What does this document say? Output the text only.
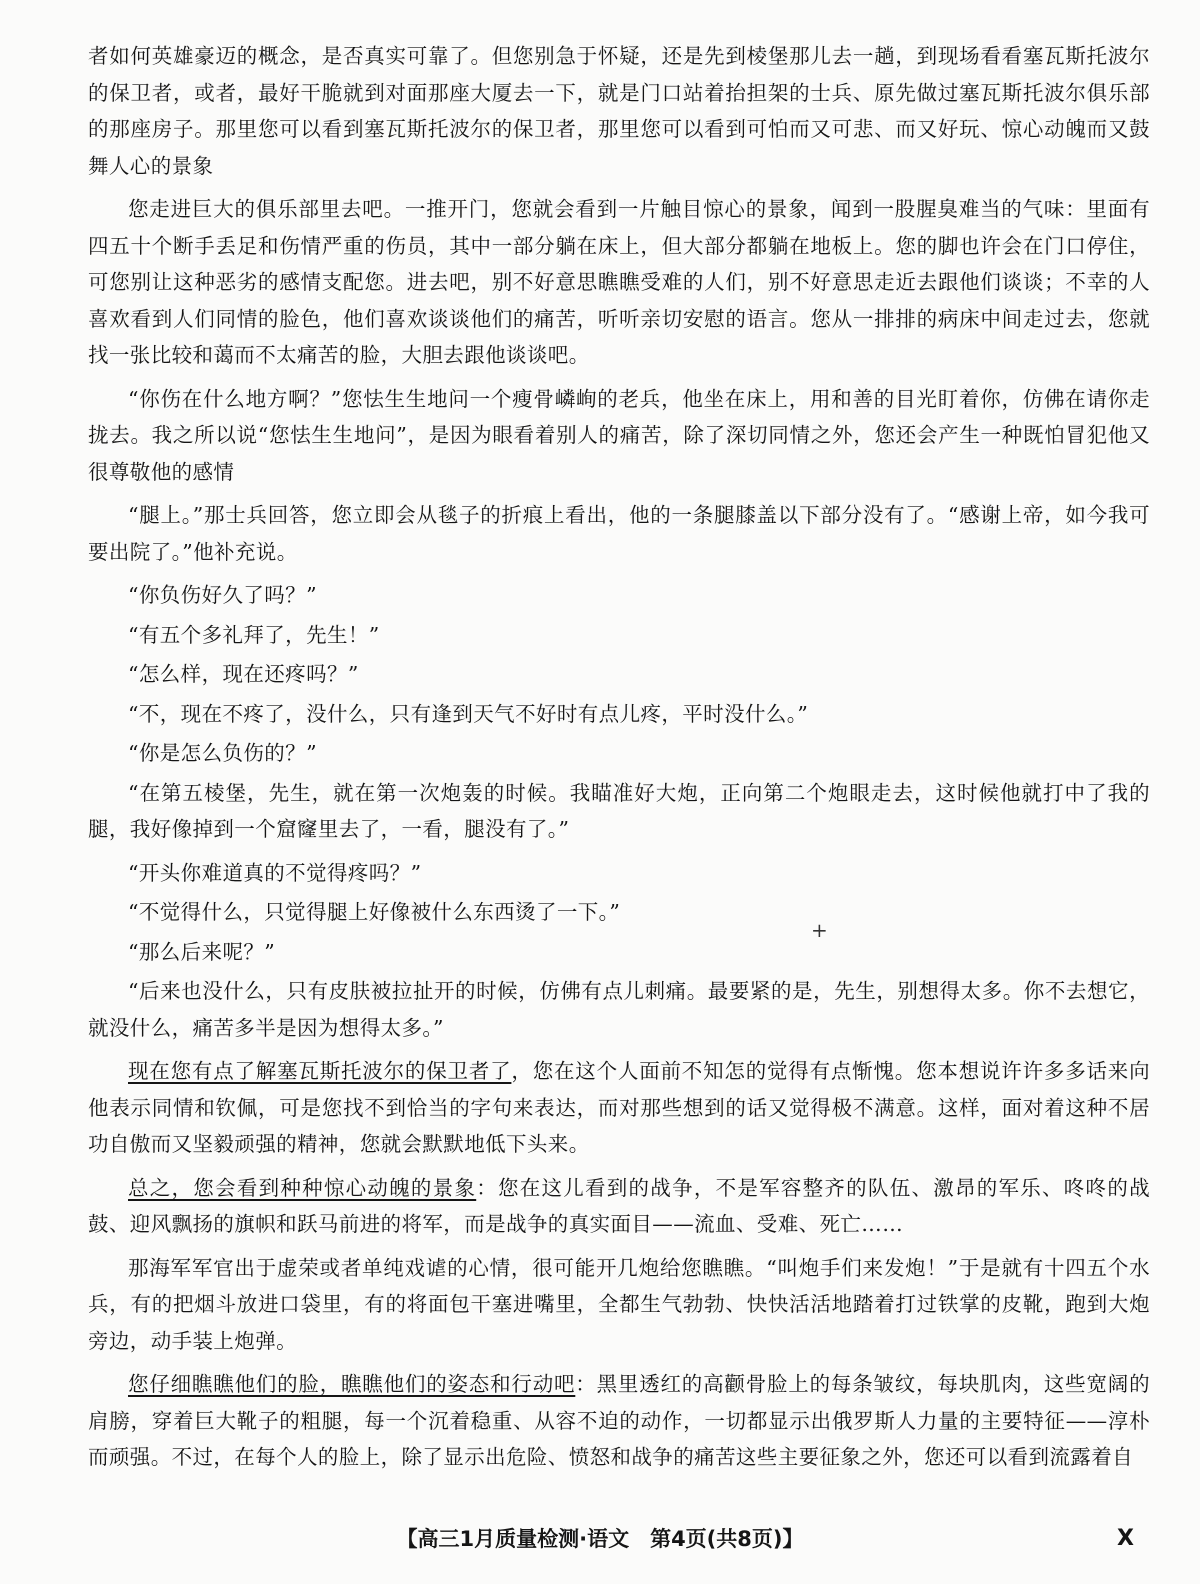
者如何英雄豪迈的概念，是否真实可靠了。但您别急于怀疑，还是先到棱堡那儿去一趟，到现场看看塞瓦斯托波尔的保卫者，或者，最好干脆就到对面那座大厦去一下，就是门口站着抬担架的士兵、原先做过塞瓦斯托波尔俱乐部的那座房子。那里您可以看到塞瓦斯托波尔的保卫者，那里您可以看到可怕而又可悲、而又好玩、惊心动魄而又鼓舞人心的景象

您走进巨大的俱乐部里去吧。一推开门，您就会看到一片触目惊心的景象，闻到一股腥臭难当的气味：里面有四五十个断手丢足和伤情严重的伤员，其中一部分躺在床上，但大部分都躺在地板上。您的脚也许会在门口停住，可您别让这种恶劣的感情支配您。进去吧，别不好意思瞧瞧受难的人们，别不好意思走近去跟他们谈谈；不幸的人喜欢看到人们同情的脸色，他们喜欢谈谈他们的痛苦，听听亲切安慰的语言。您从一排排的病床中间走过去，您就找一张比较和蔼而不太痛苦的脸，大胆去跟他谈谈吧。

“你伤在什么地方啊？”您怯生生地问一个瘦骨嶙峋的老兵，他坐在床上，用和善的目光盯着你，仿佛在请你走拢去。我之所以说“您怯生生地问”，是因为眼看着别人的痛苦，除了深切同情之外，您还会产生一种既怕冒犯他又很尊敬他的感情

“腿上。”那士兵回答，您立即会从毯子的折痕上看出，他的一条腿膝盖以下部分没有了。“感谢上帝，如今我可要出院了。”他补充说。

“你负伤好久了吗？”

“有五个多礼拜了，先生！”

“怎么样，现在还疼吗？”

“不，现在不疼了，没什么，只有逢到天气不好时有点儿疼，平时没什么。”

“你是怎么负伤的？”

“在第五棱堡，先生，就在第一次炮轰的时候。我瞄准好大炮，正向第二个炮眼走去，这时候他就打中了我的腿，我好像掉到一个窟窿里去了，一看，腿没有了。”

“开头你难道真的不觉得疼吗？”

“不觉得什么，只觉得腿上好像被什么东西烫了一下。”

“那么后来呢？”

“后来也没什么，只有皮肤被拉扯开的时候，仿佛有点儿刺痛。最要紧的是，先生，别想得太多。你不去想它，就没什么，痛苦多半是因为想得太多。”

现在您有点了解塞瓦斯托波尔的保卫者了，您在这个人面前不知怎的觉得有点惭愧。您本想说许许多多话来向他表示同情和钦佩，可是您找不到恰当的字句来表达，而对那些想到的话又觉得极不满意。这样，面对着这种不居功自傲而又坚毅顽强的精神，您就会默默地低下头来。

总之，您会看到种种惊心动魄的景象：您在这儿看到的战争，不是军容整齐的队伍、激昂的军乐、咚咚的战鼓、迎风飘扬的旗帜和跃马前进的将军，而是战争的真实面目——流血、受难、死亡……

那海军军官出于虚荣或者单纯戏谑的心情，很可能开几炮给您瞧瞧。“叫炮手们来发炮！”于是就有十四五个水兵，有的把烟斗放进口袋里，有的将面包干塞进嘴里，全都生气勃勃、快快活活地踏着打过铁掌的皮靴，跑到大炮旁边，动手装上炮弹。

您仔细瞧瞧他们的脸，瞧瞧他们的姿态和行动吧：黑里透红的高颧骨脸上的每条皱纹，每块肌肉，这些宽阔的肩膀，穿着巨大靴子的粗腿，每一个沉着稳重、从容不迫的动作，一切都显示出俄罗斯人力量的主要特征——淳朴而顽强。不过，在每个人的脸上，除了显示出危险、愤怒和战争的痛苦这些主要征象之外，您还可以看到流露着自

+
【高三1月质量检测·语文　第4页(共8页)】	X
